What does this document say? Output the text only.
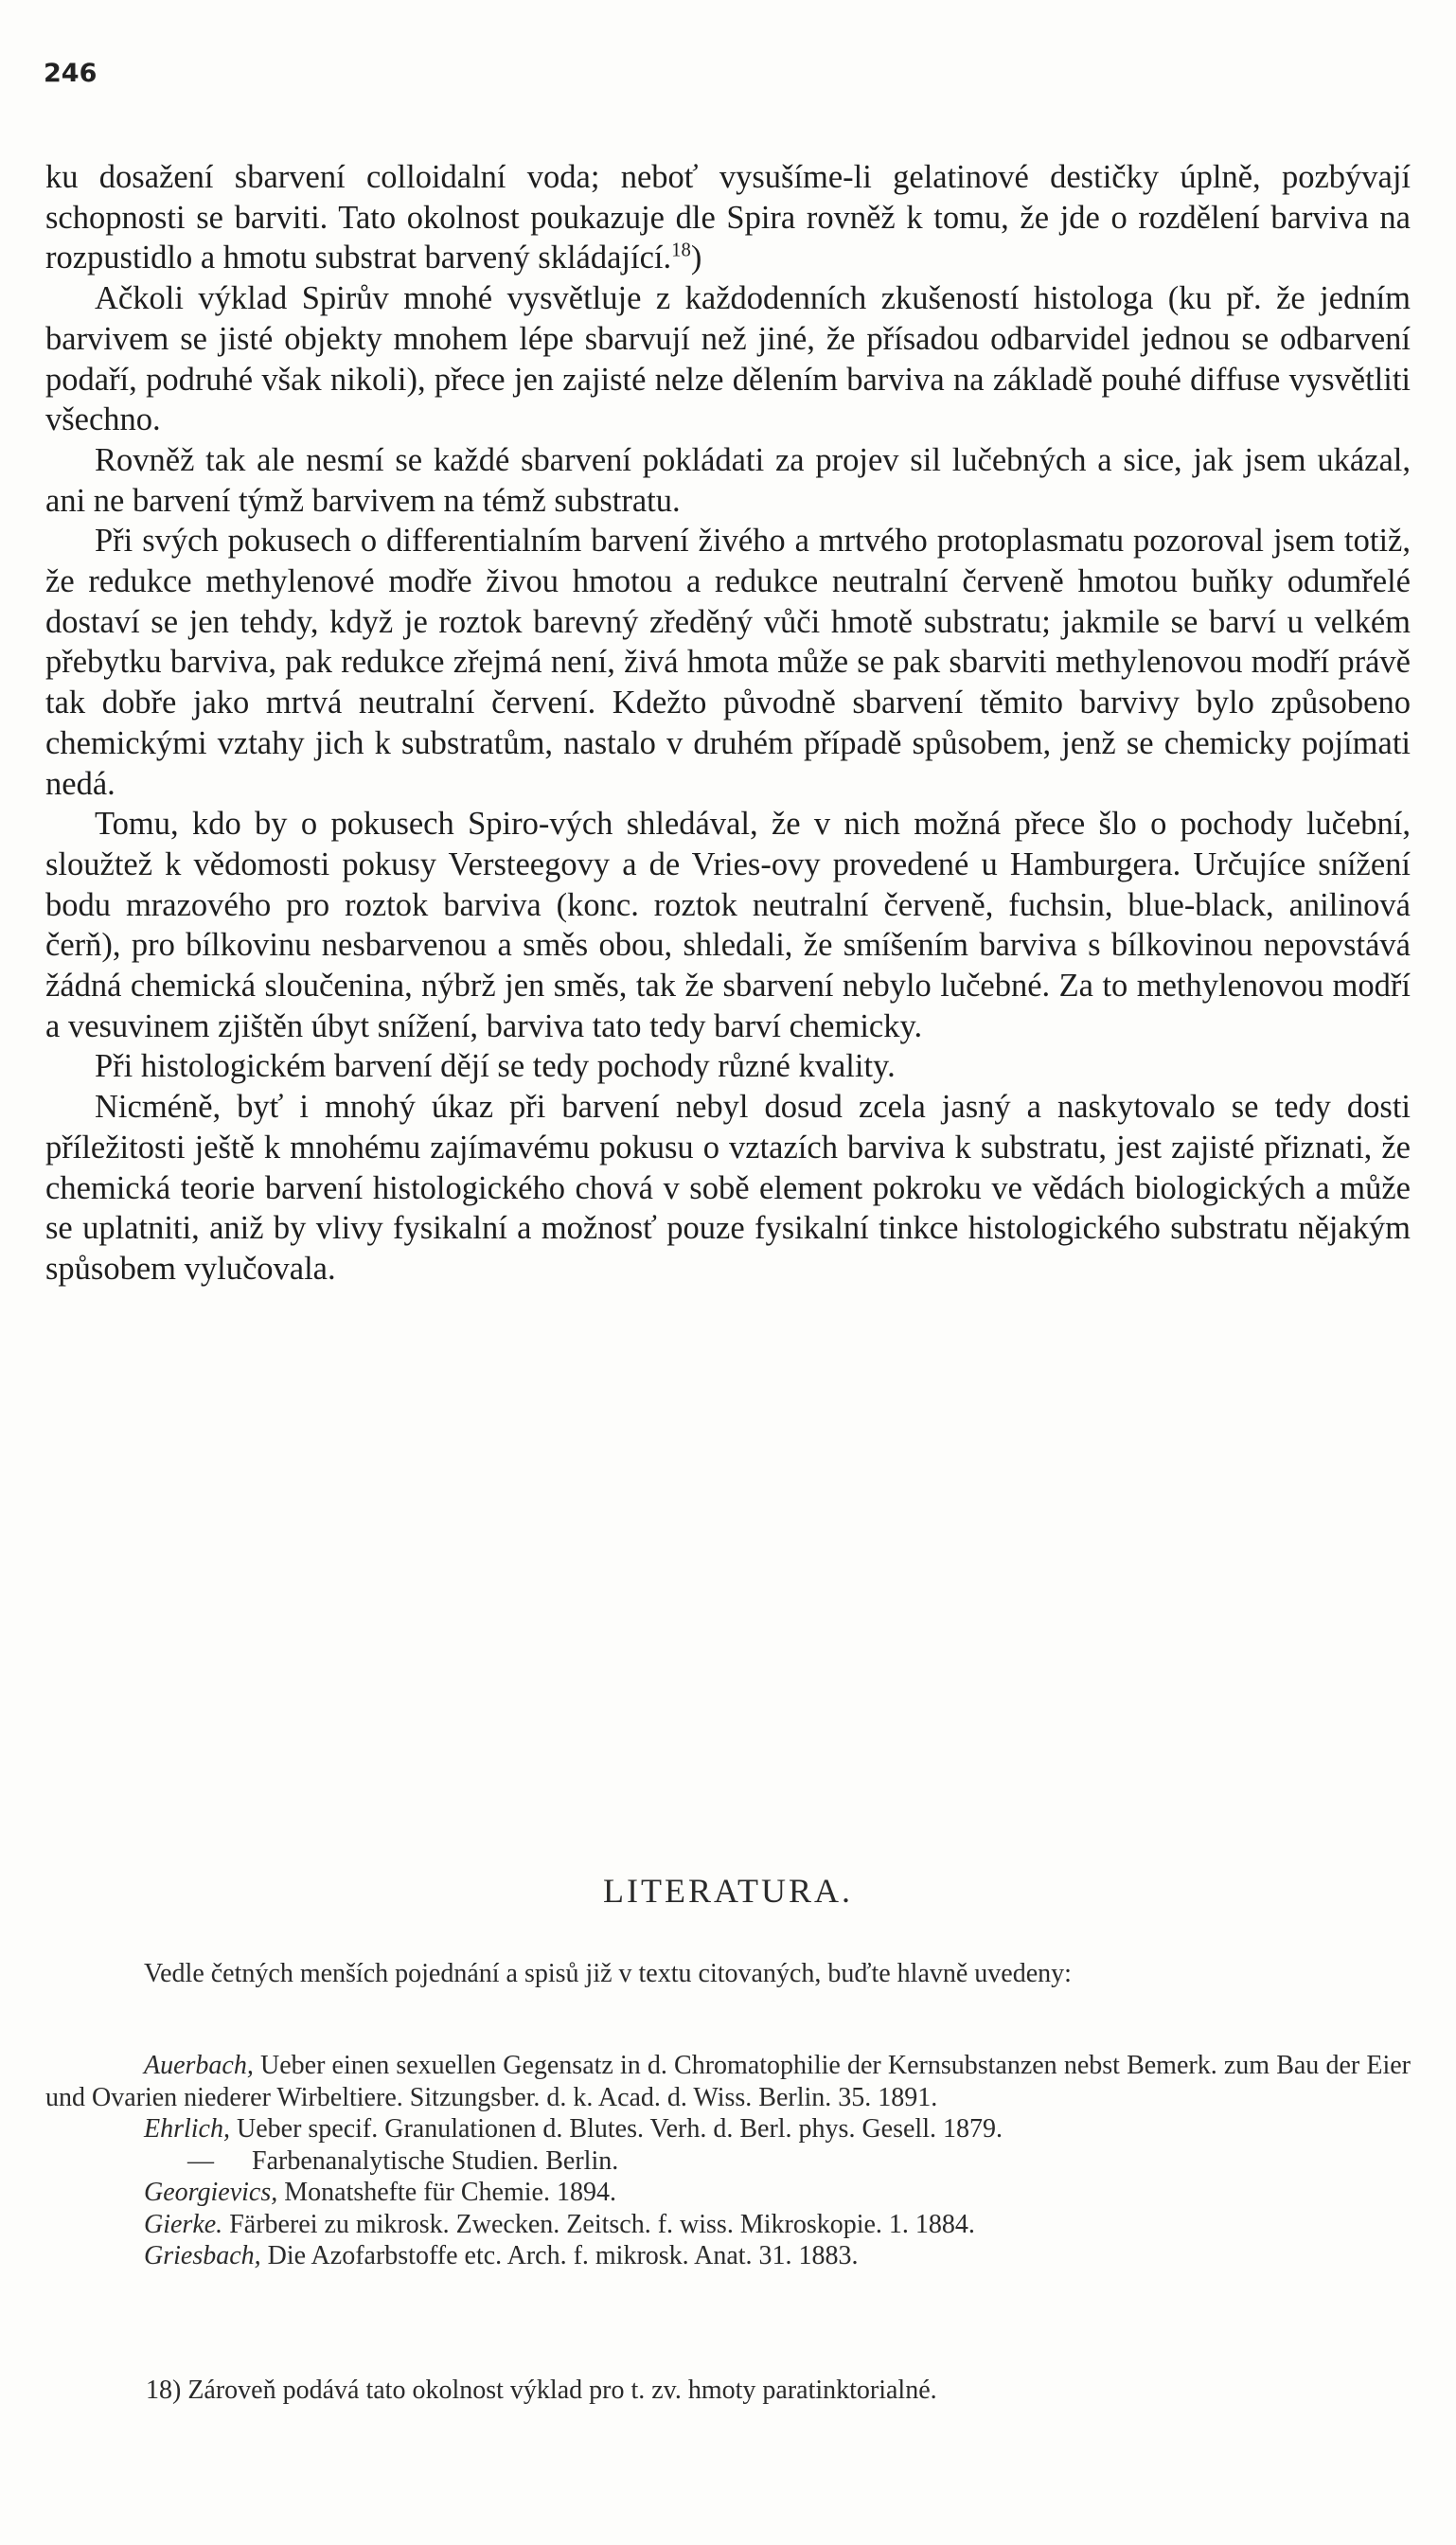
246

ku dosažení sbarvení colloidalní voda; neboť vysušíme-li gelatinové destičky úplně, pozbývají schopnosti se barviti. Tato okolnost poukazuje dle Spira rovněž k tomu, že jde o rozdělení barviva na rozpustidlo a hmotu substrat barvený skládající.$^{18}$)

Ačkoli výklad Spirův mnohé vysvětluje z každodenních zkušeností histologa (ku př. že jedním barvivem se jisté objekty mnohem lépe sbarvují než jiné, že přísadou odbarvidel jednou se odbarvení podaří, podruhé však nikoli), přece jen zajisté nelze dělením barviva na základě pouhé diffuse vysvětliti všechno.

Rovněž tak ale nesmí se každé sbarvení pokládati za projev sil lučebných a sice, jak jsem ukázal, ani ne barvení týmž barvivem na témž substratu.

Při svých pokusech o differentialním barvení živého a mrtvého protoplasmatu pozoroval jsem totiž, že redukce methylenové modře živou hmotou a redukce neutralní červeně hmotou buňky odumřelé dostaví se jen tehdy, když je roztok barevný zředěný vůči hmotě substratu; jakmile se barví u velkém přebytku barviva, pak redukce zřejmá není, živá hmota může se pak sbarviti methylenovou modří právě tak dobře jako mrtvá neutralní červení. Kdežto původně sbarvení těmito barvivy bylo způsobeno chemickými vztahy jich k substratům, nastalo v druhém případě spůsobem, jenž se chemicky pojímati nedá.

Tomu, kdo by o pokusech Spiro-vých shledával, že v nich možná přece šlo o pochody lučební, sloužtež k vědomosti pokusy Versteegovy a de Vries-ovy provedené u Hamburgera. Určujíce snížení bodu mrazového pro roztok barviva (konc. roztok neutralní červeně, fuchsin, blue-black, anilinová čerň), pro bílkovinu nesbarvenou a směs obou, shledali, že smíšením barviva s bílkovinou nepovstává žádná chemická sloučenina, nýbrž jen směs, tak že sbarvení nebylo lučebné. Za to methylenovou modří a vesuvinem zjištěn úbyt snížení, barviva tato tedy barví chemicky.

Při histologickém barvení dějí se tedy pochody různé kvality.

Nicméně, byť i mnohý úkaz při barvení nebyl dosud zcela jasný a naskytovalo se tedy dosti příležitosti ještě k mnohému zajímavému pokusu o vztazích barviva k substratu, jest zajisté přiznati, že chemická teorie barvení histologického chová v sobě element pokroku ve vědách biologických a může se uplatniti, aniž by vlivy fysikalní a možnosť pouze fysikalní tinkce histologického substratu nějakým spůsobem vylučovala.

LITERATURA.
Vedle četných menších pojednání a spisů již v textu citovaných, buďte hlavně uvedeny:

Auerbach, Ueber einen sexuellen Gegensatz in d. Chromatophilie der Kernsubstanzen nebst Bemerk. zum Bau der Eier und Ovarien niederer Wirbeltiere. Sitzungsber. d. k. Acad. d. Wiss. Berlin. 35. 1891.

Ehrlich, Ueber specif. Granulationen d. Blutes. Verh. d. Berl. phys. Gesell. 1879.

— Farbenanalytische Studien. Berlin.

Georgievics, Monatshefte für Chemie. 1894.

Gierke. Färberei zu mikrosk. Zwecken. Zeitsch. f. wiss. Mikroskopie. 1. 1884.

Griesbach, Die Azofarbstoffe etc. Arch. f. mikrosk. Anat. 31. 1883.

18) Zároveň podává tato okolnost výklad pro t. zv. hmoty paratinktorialné.
